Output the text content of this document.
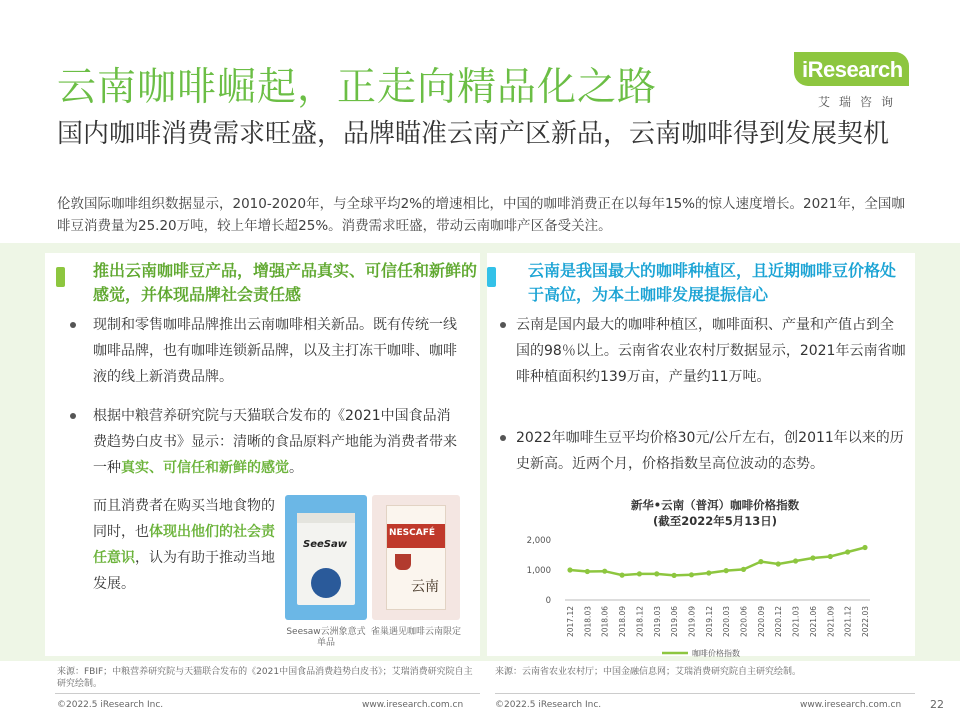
云南咖啡崛起，正走向精品化之路	iResearch
艾瑞咨询
国内咖啡消费需求旺盛，品牌瞄准云南产区新品，云南咖啡得到发展契机
伦敦国际咖啡组织数据显示，2010-2020年，与全球平均2%的增速相比，中国的咖啡消费正在以每年15%的惊人速度增长。2021年，全国咖啡豆消费量为25.20万吨，较上年增长超25%。消费需求旺盛，带动云南咖啡产区备受关注。
推出云南咖啡豆产品，增强产品真实、可信任和新鲜的感觉，并体现品牌社会责任感
现制和零售咖啡品牌推出云南咖啡相关新品。既有传统一线咖啡品牌，也有咖啡连锁新品牌，以及主打冻干咖啡、咖啡液的线上新消费品牌。
根据中粮营养研究院与天猫联合发布的《2021中国食品消费趋势白皮书》显示：清晰的食品原料产地能为消费者带来一种真实、可信任和新鲜的感觉。
而且消费者在购买当地食物的同时，也体现出他们的社会责任意识，认为有助于推动当地发展。
SeeSaw
NESCAFÉ
云南
Seesaw云洲象意式单品
雀巢遇见咖啡云南限定
云南是我国最大的咖啡种植区，且近期咖啡豆价格处于高位，为本土咖啡发展提振信心
云南是国内最大的咖啡种植区，咖啡面积、产量和产值占到全国的98％以上。云南省农业农村厅数据显示，2021年云南省咖啡种植面积约139万亩，产量约11万吨。
2022年咖啡生豆平均价格30元/公斤左右，创2011年以来的历史新高。近两个月，价格指数呈高位波动的态势。
新华•云南（普洱）咖啡价格指数
(截至2022年5月13日)
2,000
1,000
0
咖啡价格指数
2017.12 2018.03 2018.06 2018.09 2018.12 2019.03 2019.06 2019.09 2019.12 2020.03 2020.06 2020.09 2020.12 2021.03 2021.06 2021.09 2021.12 2022.03
来源：FBIF；中粮营养研究院与天猫联合发布的《2021中国食品消费趋势白皮书》；艾瑞消费研究院自主研究绘制。
来源：云南省农业农村厅；中国金融信息网；艾瑞消费研究院自主研究绘制。
©2022.5 iResearch Inc.	www.iresearch.com.cn	©2022.5 iResearch Inc.	www.iresearch.com.cn	22
